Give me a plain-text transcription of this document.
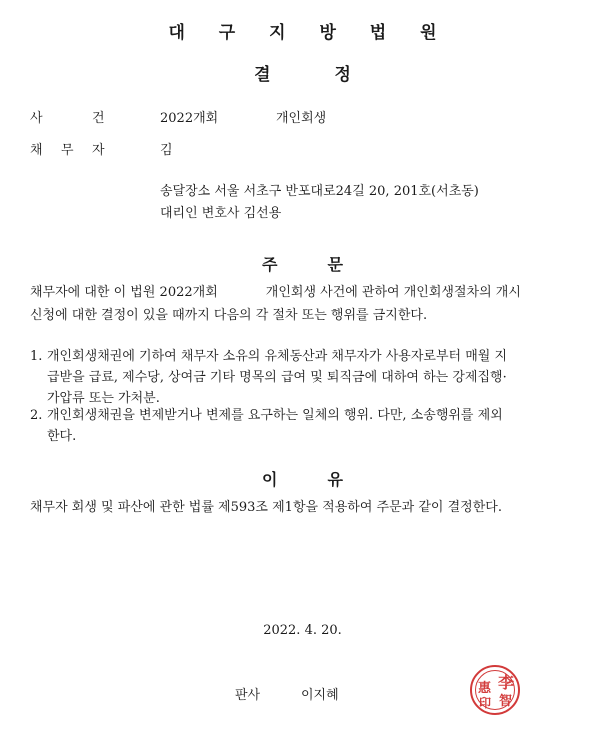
대 구 지 방 법 원
결	정
사	건	2022개회	개인회생
채 무 자	김
송달장소 서울 서초구 반포대로24길 20, 201호(서초동)
대리인 변호사 김선용
주	문
채무자에 대한 이 법원 2022개회	개인회생 사건에 관하여 개인회생절차의 개시
신청에 대한 결정이 있을 때까지 다음의 각 절차 또는 행위를 금지한다.
1. 개인회생채권에 기하여 채무자 소유의 유체동산과 채무자가 사용자로부터 매월 지
급받을 급료, 제수당, 상여금 기타 명목의 급여 및 퇴직금에 대하여 하는 강제집행·
가압류 또는 가처분.
2. 개인회생채권을 변제받거나 변제를 요구하는 일체의 행위. 다만, 소송행위를 제외
한다.
이	유
채무자 회생 및 파산에 관한 법률 제593조 제1항을 적용하여 주문과 같이 결정한다.
2022. 4. 20.
판사	이지혜
李
智
惠
印
